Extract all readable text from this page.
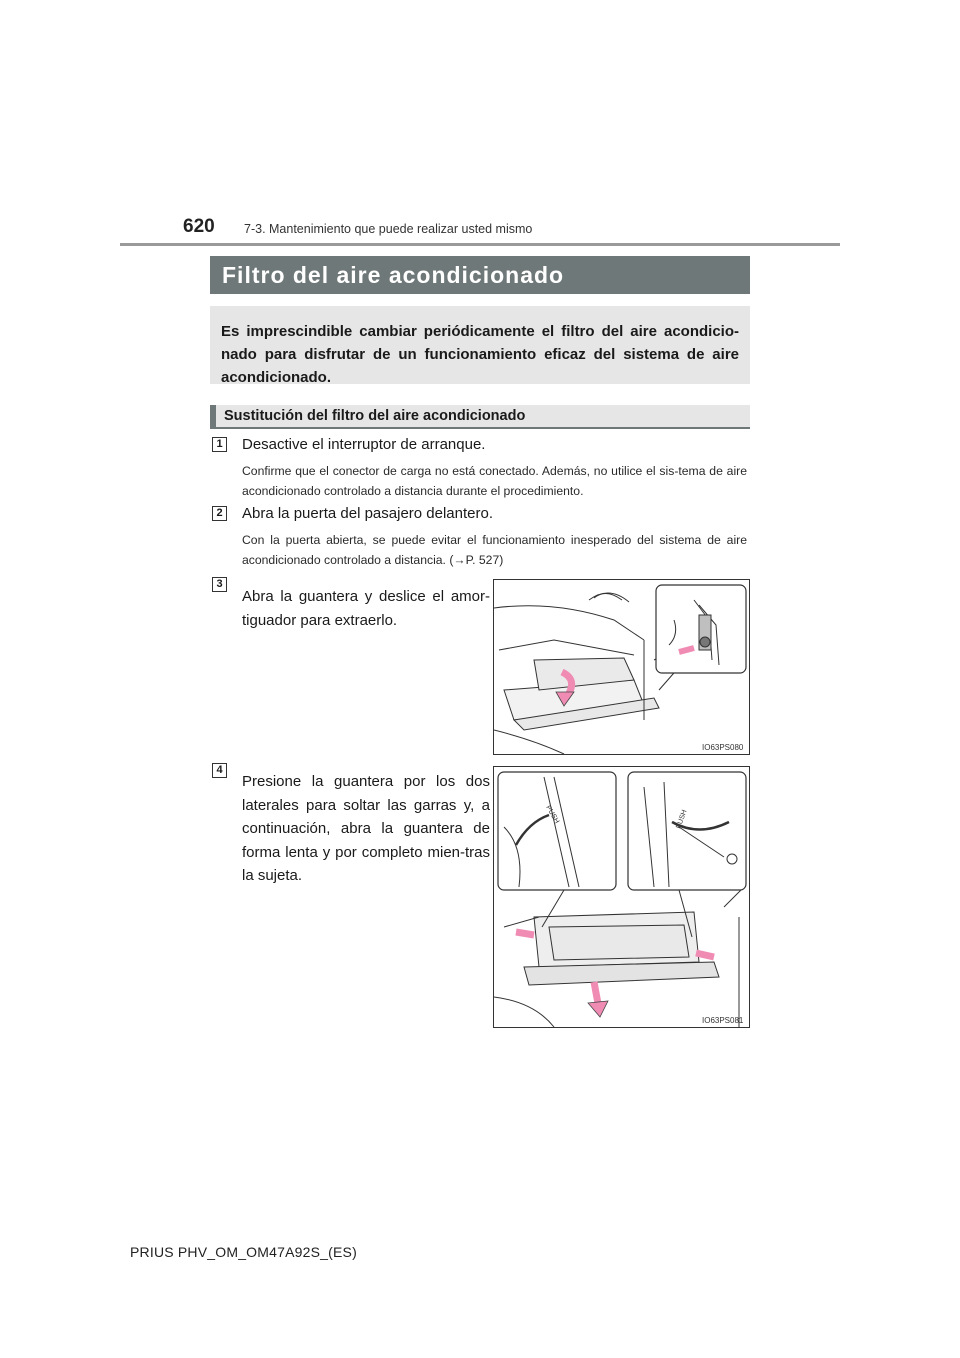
620 7-3. Mantenimiento que puede realizar usted mismo
Filtro del aire acondicionado
Es imprescindible cambiar periódicamente el filtro del aire acondicio-nado para disfrutar de un funcionamiento eficaz del sistema de aire acondicionado.
Sustitución del filtro del aire acondicionado
1 Desactive el interruptor de arranque.
Confirme que el conector de carga no está conectado. Además, no utilice el sis-tema de aire acondicionado controlado a distancia durante el procedimiento.
2 Abra la puerta del pasajero delantero.
Con la puerta abierta, se puede evitar el funcionamiento inesperado del sistema de aire acondicionado controlado a distancia. (→P. 527)
3
Abra la guantera y deslice el amor-tiguador para extraerlo.
IO63PS080
4
Presione la guantera por los dos laterales para soltar las garras y, a continuación, abra la guantera de forma lenta y por completo mien-tras la sujeta.
PUSH	PUSH
IO63PS081
PRIUS PHV_OM_OM47A92S_(ES)
